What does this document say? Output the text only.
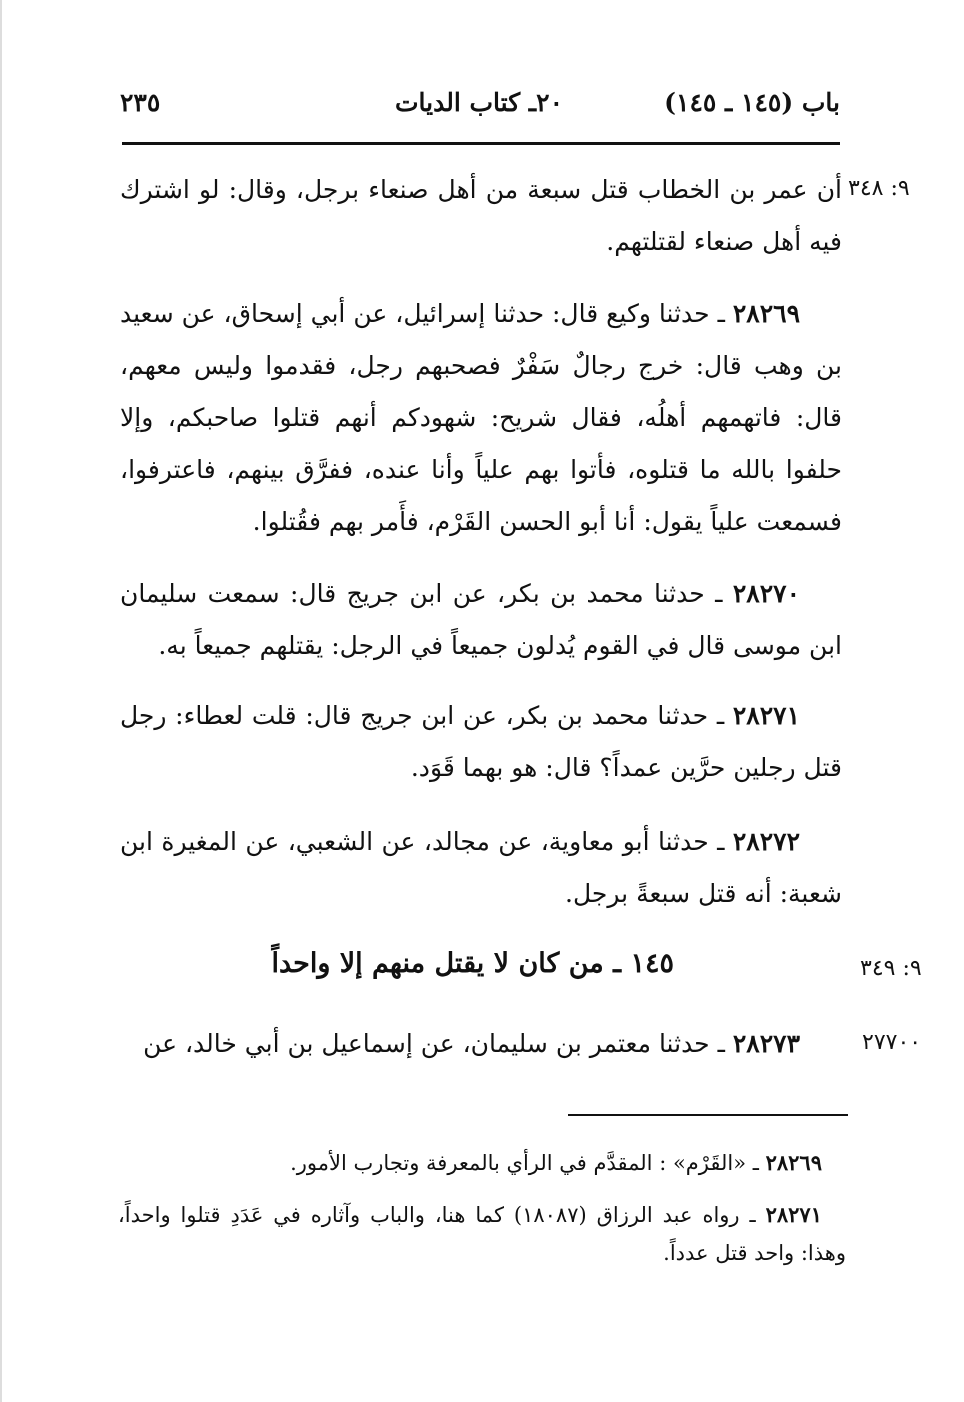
باب (١٤٥ ـ ١٤٥)
٢٠ـ كتاب الديات
٢٣٥
٩: ٣٤٨
٩: ٣٤٩
٢٧٧٠٠
أن عمر بن الخطاب قتل سبعة من أهل صنعاء برجل، وقال: لو اشترك فيه أهل صنعاء لقتلتهم.
٢٨٢٦٩ ـ حدثنا وكيع قال: حدثنا إسرائيل، عن أبي إسحاق، عن سعيد بن وهب قال: خرج رجالٌ سَفْرٌ فصحبهم رجل، فقدموا وليس معهم، قال: فاتهمهم أهلُه، فقال شريح: شهودكم أنهم قتلوا صاحبكم، وإلا حلفوا بالله ما قتلوه، فأتوا بهم علياً وأنا عنده، ففرَّق بينهم، فاعترفوا، فسمعت علياً يقول: أنا أبو الحسن القَرْم، فأَمر بهم فقُتلوا.
٢٨٢٧٠ ـ حدثنا محمد بن بكر، عن ابن جريج قال: سمعت سليمان ابن موسى قال في القوم يُدلون جميعاً في الرجل: يقتلهم جميعاً به.
٢٨٢٧١ ـ حدثنا محمد بن بكر، عن ابن جريج قال: قلت لعطاء: رجل قتل رجلين حرَّين عمداً؟ قال: هو بهما قَوَد.
٢٨٢٧٢ ـ حدثنا أبو معاوية، عن مجالد، عن الشعبي، عن المغيرة ابن شعبة: أنه قتل سبعةً برجل.
١٤٥ ـ من كان لا يقتل منهم إلا واحداً
٢٨٢٧٣ ـ حدثنا معتمر بن سليمان، عن إسماعيل بن أبي خالد، عن
٢٨٢٦٩ ـ «القَرْم» : المقدَّم في الرأي بالمعرفة وتجارب الأمور.
٢٨٢٧١ ـ رواه عبد الرزاق (١٨٠٨٧) كما هنا، والباب وآثاره في عَدَدِ قتلوا واحداً، وهذا: واحد قتل عدداً.
